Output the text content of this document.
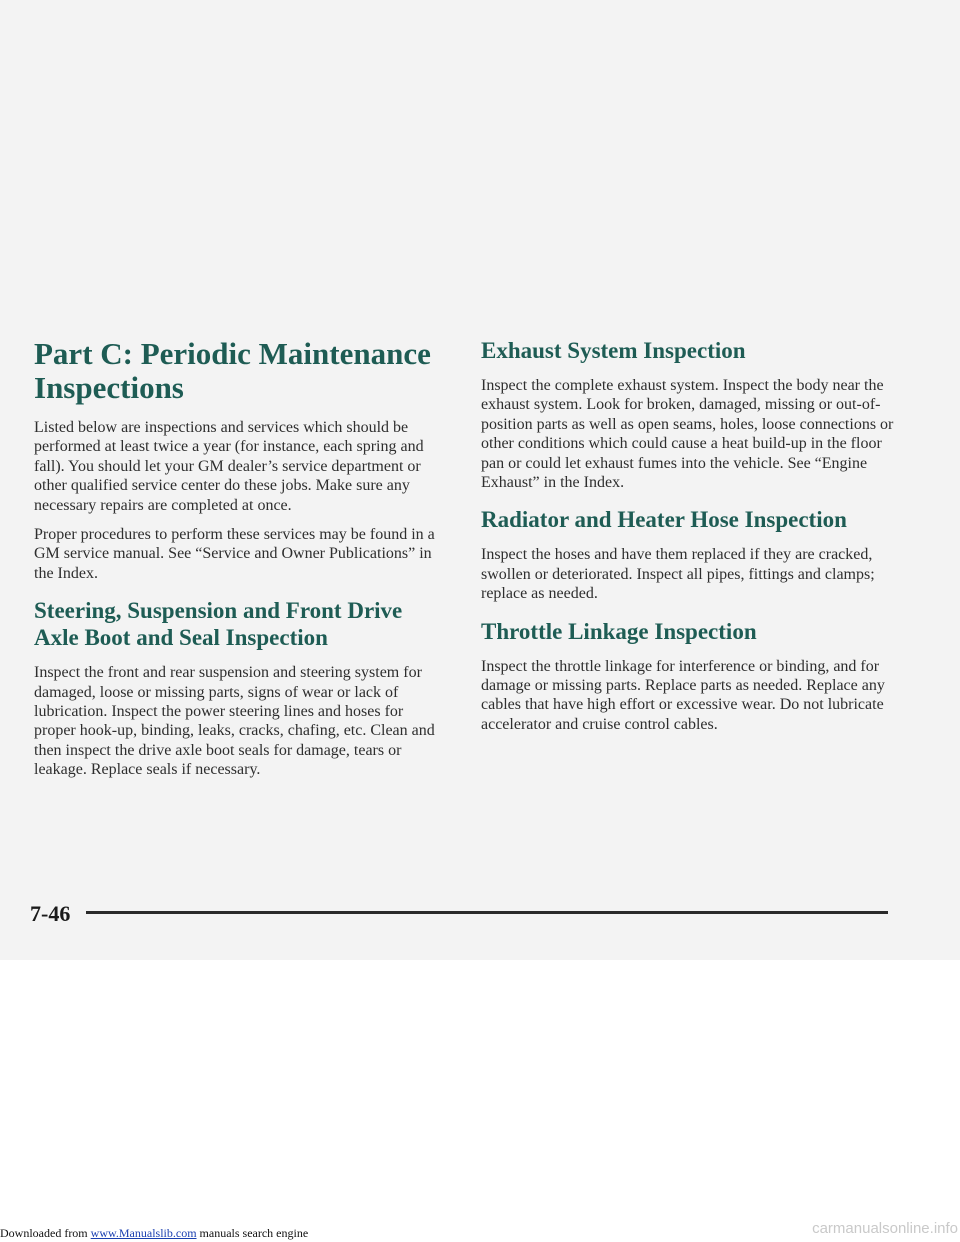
Part C: Periodic Maintenance Inspections

Listed below are inspections and services which should be performed at least twice a year (for instance, each spring and fall). You should let your GM dealer’s service department or other qualified service center do these jobs. Make sure any necessary repairs are completed at once.

Proper procedures to perform these services may be found in a GM service manual. See “Service and Owner Publications” in the Index.

Steering, Suspension and Front Drive Axle Boot and Seal Inspection

Inspect the front and rear suspension and steering system for damaged, loose or missing parts, signs of wear or lack of lubrication. Inspect the power steering lines and hoses for proper hook-up, binding, leaks, cracks, chafing, etc. Clean and then inspect the drive axle boot seals for damage, tears or leakage. Replace seals if necessary.

Exhaust System Inspection

Inspect the complete exhaust system. Inspect the body near the exhaust system. Look for broken, damaged, missing or out-of-position parts as well as open seams, holes, loose connections or other conditions which could cause a heat build-up in the floor pan or could let exhaust fumes into the vehicle. See “Engine Exhaust” in the Index.

Radiator and Heater Hose Inspection

Inspect the hoses and have them replaced if they are cracked, swollen or deteriorated. Inspect all pipes, fittings and clamps; replace as needed.

Throttle Linkage Inspection

Inspect the throttle linkage for interference or binding, and for damage or missing parts. Replace parts as needed. Replace any cables that have high effort or excessive wear. Do not lubricate accelerator and cruise control cables.

7-46
Downloaded from www.Manualslib.com manuals search engine	carmanualsonline.info
